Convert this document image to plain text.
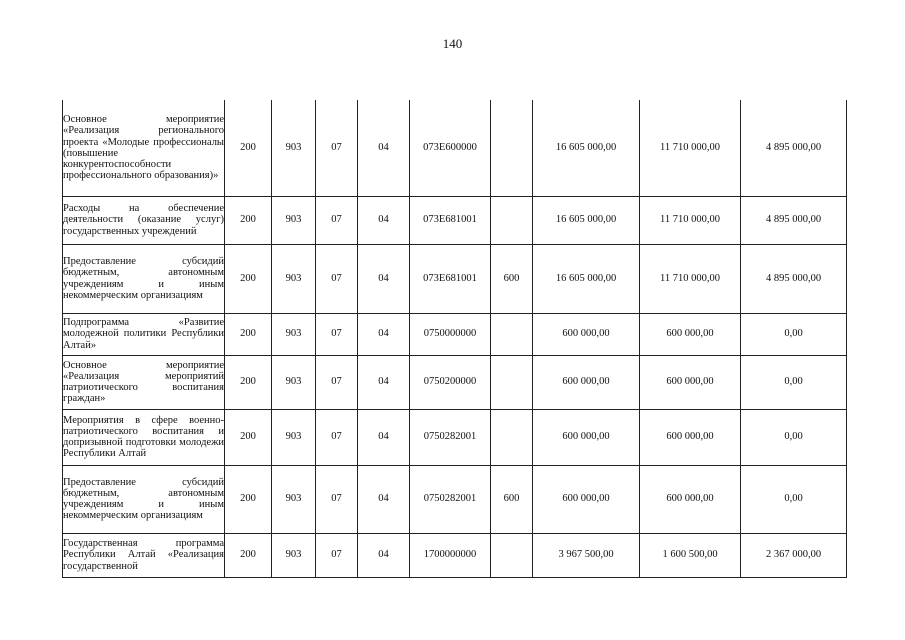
140
Основное мероприятие «Реализация регионального проекта «Молодые профессионалы (повышение конкурентоспособности профессионального образования)»	200	903	07	04	073Е600000		16 605 000,00	11 710 000,00	4 895 000,00
Расходы на обеспечение деятельности (оказание услуг) государственных учреждений	200	903	07	04	073Е681001		16 605 000,00	11 710 000,00	4 895 000,00
Предоставление субсидий бюджетным, автономным учреждениям и иным некоммерческим организациям	200	903	07	04	073Е681001	600	16 605 000,00	11 710 000,00	4 895 000,00
Подпрограмма «Развитие молодежной политики Республики Алтай»	200	903	07	04	0750000000		600 000,00	600 000,00	0,00
Основное мероприятие «Реализация мероприятий патриотического воспитания граждан»	200	903	07	04	0750200000		600 000,00	600 000,00	0,00
Мероприятия в сфере военно-патриотического воспитания и допризывной подготовки молодежи Республики Алтай	200	903	07	04	0750282001		600 000,00	600 000,00	0,00
Предоставление субсидий бюджетным, автономным учреждениям и иным некоммерческим организациям	200	903	07	04	0750282001	600	600 000,00	600 000,00	0,00
Государственная программа Республики Алтай «Реализация государственной	200	903	07	04	1700000000		3 967 500,00	1 600 500,00	2 367 000,00
